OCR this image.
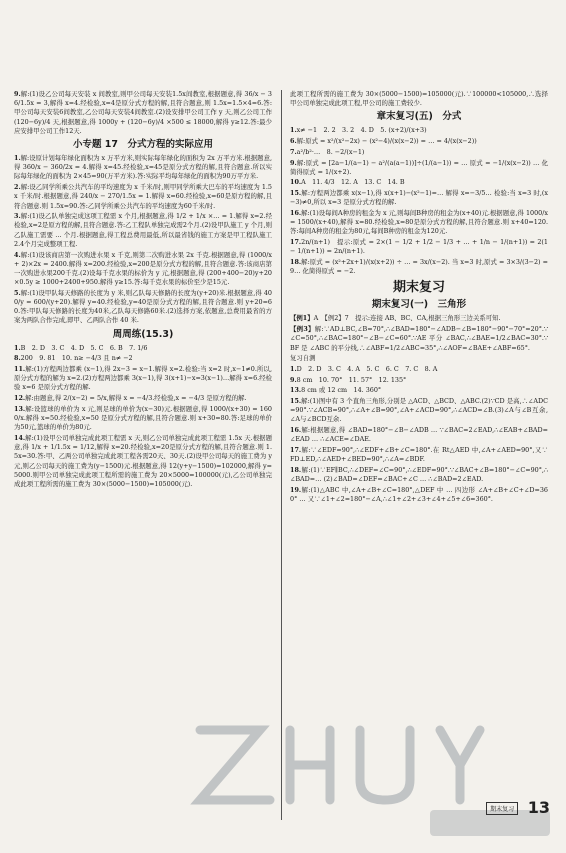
9.解:(1)设乙公司每天安装 x 间教室,则甲公司每天安装1.5x间教室,根据题意,得 36/x − 36/1.5x = 3,解得 x=4.经检验,x=4是原分式方程的解,且符合题意,则 1.5x=1.5×4=6.答:甲公司每天安装6间教室,乙公司每天安装4间教室.(2)设安排甲公司工作 y 天,则乙公司工作 (120−6y)/4 天,根据题意,得 1000y + (120−6y)/4 ×500 ≤ 18000,解得 y≥12.答:最少应安排甲公司工作12天.

小专题 17　分式方程的实际应用

1.解:设原计划每年绿化面积为 x 万平方米,则实际每年绿化的面积为 2x 万平方米.根据题意,得 360/x − 360/2x = 4.解得 x=45.经检验,x=45是原分式方程的解,且符合题意.所以实际每年绿化的面积为 2×45=90(万平方米).答:实际平均每年绿化的面积为90万平方米.

2.解:设乙同学所乘公共汽车的平均速度为 x 千米/时,则甲同学所乘大巴车的平均速度为 1.5x 千米/时.根据题意,得 240/x − 270/1.5x = 1.解得 x=60.经检验,x=60是原方程的解,且符合题意.则 1.5x=90.答:乙同学所乘公共汽车的平均速度为60千米/时.

3.解:(1)设乙队单独完成这项工程需 x 个月,根据题意,得 1/2 + 1/x ×… = 1.解得 x=2.经检验,x=2是原方程的解,且符合题意.答:乙工程队单独完成需2个月.(2)设甲队施工 y 个月,则乙队施工需要 … 个月.根据题意,得工程总费用最低,所以最省钱的施工方案是甲工程队施工2.4个月完成整项工程.

4.解:(1)设该商店第一次购进水果 x 千克,则第二次购进水果 2x 千克.根据题意,得 (1000/x + 2)×2x = 2400.解得 x=200.经检验,x=200是原分式方程的解,且符合题意.答:该商店第一次购进水果200千克.(2)设每千克水果的标价为 y 元,根据题意,得 (200+400−20)y+20×0.5y ≥ 1000+2400+950.解得 y≥15.答:每千克水果的标价至少是15元.

5.解:(1)设甲队每天修路的长度为 y 米,则乙队每天修路的长度为(y+20)米.根据题意,得 400/y = 600/(y+20).解得 y=40.经检验,y=40是原分式方程的解,且符合题意.则 y+20=60.答:甲队每天修路的长度为40米,乙队每天修路60米.(2)选择方案,依题意,总费用最省的方案为两队合作完成,即甲、乙两队合作 40 米.

周周练(15.3)

1.B　2. D　3. C　4. D　5. C　6. B　7. 1/6

8.200　9. 81　10. n≥ −4/3 且 n≠ −2

11.解:(1)方程两边都乘 (x−1),得 2x−3 = x−1.解得 x=2.检验:当 x=2 时,x−1≠0.所以,原分式方程的解为 x=2.(2)方程两边都乘 3(x−1),得 3(x+1)−x=3(x−1)…解得 x=6.经检验 x=6 是原分式方程的解.

12.解:由题意,得 2/(x−2) = 5/x,解得 x = −4/3.经检验,x = −4/3 是原方程的解.

13.解:设篮球的单价为 x 元,则足球的单价为(x−30)元.根据题意,得 1000/(x+30) = 1600/x.解得 x=50.经检验,x=50 是原分式方程的解,且符合题意.则 x+30=80.答:足球的单价为50元,篮球的单价为80元.

14.解:(1)设甲公司单独完成此项工程需 x 天,则乙公司单独完成此项工程需 1.5x 天.根据题意,得 1/x + 1/1.5x = 1/12,解得 x=20.经检验,x=20是原分式方程的解,且符合题意.则 1.5x=30.答:甲、乙两公司单独完成此项工程各需20天、30天.(2)设甲公司每天的施工费为 y 元,则乙公司每天的施工费为(y−1500)元.根据题意,得 12(y+y−1500)=102000,解得 y=5000.则甲公司单独完成此项工程所需的施工费为 20×5000=100000(元),乙公司单独完成此项工程所需的施工费为 30×(5000−1500)=105000(元).

此项工程所需的施工费为 30×(5000−1500)=105000(元).∵100000<105000,∴选择甲公司单独完成此项工程,甲公司的施工费较少.

章末复习(五)　分式

1.x≠ −1　2. 2　3. 2　4. D　5. (x+2)/(x+3)

6.解:原式 = x²/(x²−2x) − (x²−4)/(x(x−2)) = … = 4/(x(x−2))

7.a²/b²·…　8. −2/(x−1)

9.解:原式 = [2a−1/(a−1) − a²/(a(a−1))]÷(1/(a−1)) = … 原式 = −1/(x(x−2)) … 化简得原式 = 1/(x+2).

10.A　11. 4/3　12. A　13. C　14. B

15.解:方程两边都乘 x(x−1),得 x(x+1)−(x²−1)=… 解得 x=−3/5… 检验:当 x=3 时,(x−3)≠0,所以 x=3 是原分式方程的解.

16.解:(1)设每间A种房的租金为 x 元,则每间B种房的租金为(x+40)元.根据题意,得 1000/x = 1500/(x+40),解得 x=80.经检验,x=80是原分式方程的解,且符合题意.则 x+40=120.答:每间A种房的租金为80元,每间B种房的租金为120元.

17.2n/(n+1)　提示:原式 = 2×(1 − 1/2 + 1/2 − 1/3 + … + 1/n − 1/(n+1)) = 2(1 − 1/(n+1)) = 2n/(n+1).

18.解:原式 = (x²+2x+1)/(x(x+2)) ÷ … = 3x/(x−2). 当 x=3 时,原式 = 3×3/(3−2) = 9… 化简得原式 = −2.

期末复习
期末复习(一)　三角形

【例1】A　【例2】7　提示:连接 AB、BC、CA,根据三角形三边关系可知.

【例3】解:∵AD⊥BC,∠B=70°,∴∠BAD=180°−∠ADB−∠B=180°−90°−70°=20°.∵∠C=50°,∴∠BAC=180°−∠B−∠C=60°.∵AE 平分 ∠BAC,∴∠BAE=1/2∠BAC=30°.∵BF 是 ∠ABC 的平分线,∴∠ABF=1/2∠ABC=35°,∴∠AOF=∠BAE+∠ABF=65°.

复习自测

1.D　2. D　3. C　4. A　5. C　6. C　7. C　8. A

9.8 cm　10. 70°　11. 57°　12. 135°

13.8 cm 或 12 cm　14. 360°

15.解:(1)图中有 3 个直角三角形,分别是 △ACD、△BCD、△ABC.(2)∵CD 是高,∴∠ADC=90°.∵∠ACB=90°,∴∠A+∠B=90°,∠A+∠ACD=90°,∴∠ACD=∠B.(3)∠A与∠B互余,∠A与∠BCD互余.

16.解:根据题意,得 ∠BAD=180°−∠B−∠ADB … ∵∠BAC=2∠EAD,∴∠EAB+∠BAD=∠EAD … ∴∠ACE=∠DAE.

17.解:∵∠EDF=90°,∴∠EDF+∠B+∠C=180°.在 Rt△AED 中,∠A+∠AED=90°,又∵FD⊥ED,∴∠AED+∠BED=90°,∴∠A=∠BDF.

18.解:(1)∵EF∥BC,∴∠DEF=∠C=90°,∴∠EDF=90°.∵∠BAC+∠B=180°−∠C=90°,∴∠BAD=… (2)∠BAD=∠DEF=∠BAC+∠C … ∴∠BAD=2∠EAD.

19.解:(1)△ABC 中,∠A+∠B+∠C=180°,△DEF 中 … 四边形 ∠A+∠B+∠C+∠D=360° … 又∵∠1+∠2=180°−∠A,∴∠1+∠2+∠3+∠4+∠5+∠6=360°.

期末复习 13
